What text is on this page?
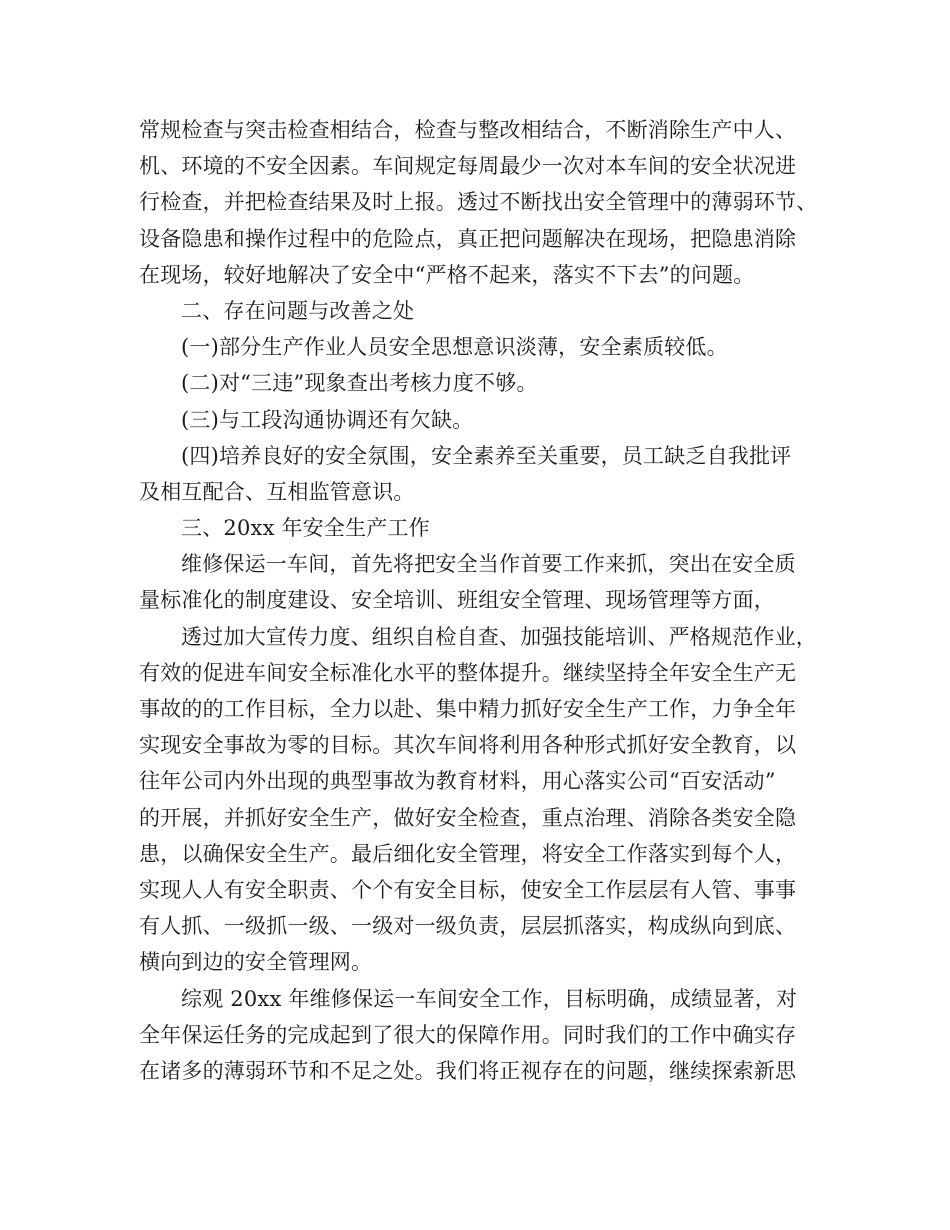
常规检查与突击检查相结合，检查与整改相结合，不断消除生产中人、
机、环境的不安全因素。车间规定每周最少一次对本车间的安全状况进
行检查，并把检查结果及时上报。透过不断找出安全管理中的薄弱环节、
设备隐患和操作过程中的危险点，真正把问题解决在现场，把隐患消除
在现场，较好地解决了安全中“严格不起来，落实不下去”的问题。
二、存在问题与改善之处
(一)部分生产作业人员安全思想意识淡薄，安全素质较低。
(二)对“三违”现象查出考核力度不够。
(三)与工段沟通协调还有欠缺。
(四)培养良好的安全氛围，安全素养至关重要，员工缺乏自我批评
及相互配合、互相监管意识。
三、20xx 年安全生产工作
维修保运一车间，首先将把安全当作首要工作来抓，突出在安全质
量标准化的制度建设、安全培训、班组安全管理、现场管理等方面，
透过加大宣传力度、组织自检自查、加强技能培训、严格规范作业，
有效的促进车间安全标准化水平的整体提升。继续坚持全年安全生产无
事故的的工作目标，全力以赴、集中精力抓好安全生产工作，力争全年
实现安全事故为零的目标。其次车间将利用各种形式抓好安全教育，以
往年公司内外出现的典型事故为教育材料，用心落实公司“百安活动”
的开展，并抓好安全生产，做好安全检查，重点治理、消除各类安全隐
患，以确保安全生产。最后细化安全管理，将安全工作落实到每个人，
实现人人有安全职责、个个有安全目标，使安全工作层层有人管、事事
有人抓、一级抓一级、一级对一级负责，层层抓落实，构成纵向到底、
横向到边的安全管理网。
综观 20xx 年维修保运一车间安全工作，目标明确，成绩显著，对
全年保运任务的完成起到了很大的保障作用。同时我们的工作中确实存
在诸多的薄弱环节和不足之处。我们将正视存在的问题，继续探索新思
